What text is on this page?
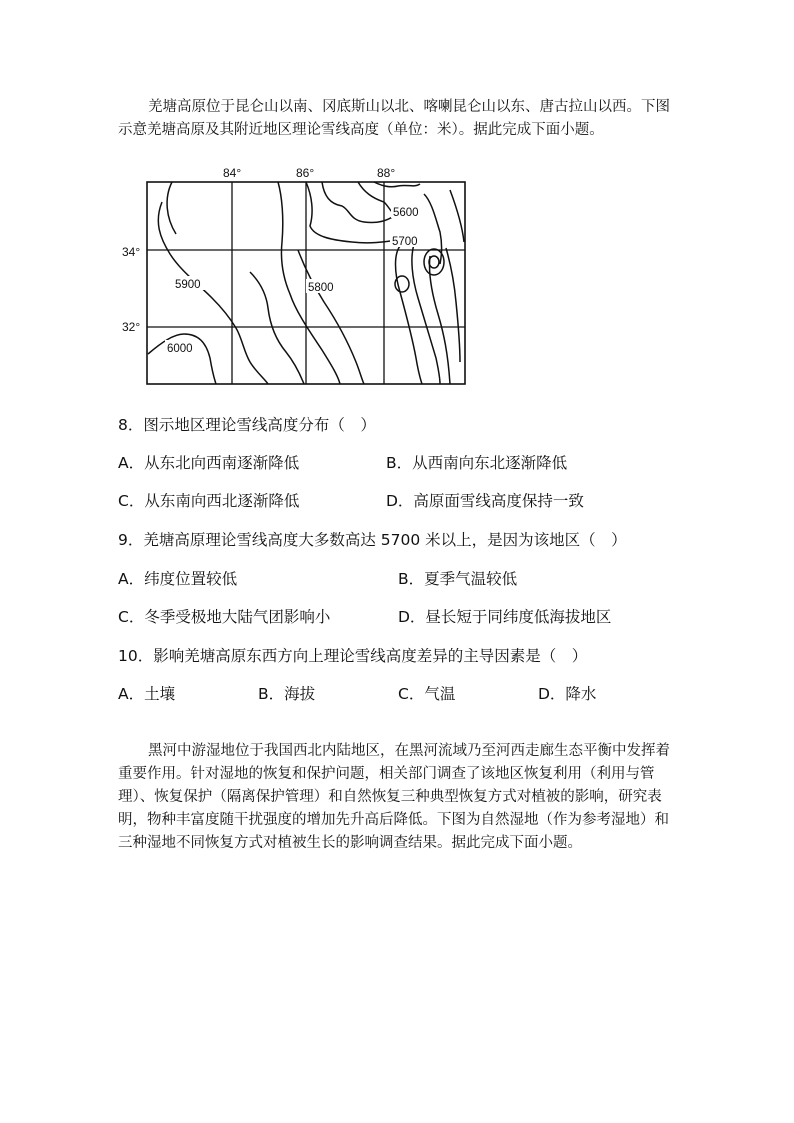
羌塘高原位于昆仑山以南、冈底斯山以北、喀喇昆仑山以东、唐古拉山以西。下图示意羌塘高原及其附近地区理论雪线高度（单位：米）。据此完成下面小题。
84°	86°	88°
34°
32°
5600
5700
5900	5800
6000
8．图示地区理论雪线高度分布（　）
A．从东北向西南逐渐降低	B．从西南向东北逐渐降低
C．从东南向西北逐渐降低	D．高原面雪线高度保持一致
9．羌塘高原理论雪线高度大多数高达 5700 米以上，是因为该地区（　）
A．纬度位置较低	B．夏季气温较低
C．冬季受极地大陆气团影响小	D．昼长短于同纬度低海拔地区
10．影响羌塘高原东西方向上理论雪线高度差异的主导因素是（　）
A．土壤	B．海拔	C．气温	D．降水
黑河中游湿地位于我国西北内陆地区，在黑河流域乃至河西走廊生态平衡中发挥着重要作用。针对湿地的恢复和保护问题，相关部门调查了该地区恢复利用（利用与管理）、恢复保护（隔离保护管理）和自然恢复三种典型恢复方式对植被的影响，研究表明，物种丰富度随干扰强度的增加先升高后降低。下图为自然湿地（作为参考湿地）和三种湿地不同恢复方式对植被生长的影响调查结果。据此完成下面小题。
